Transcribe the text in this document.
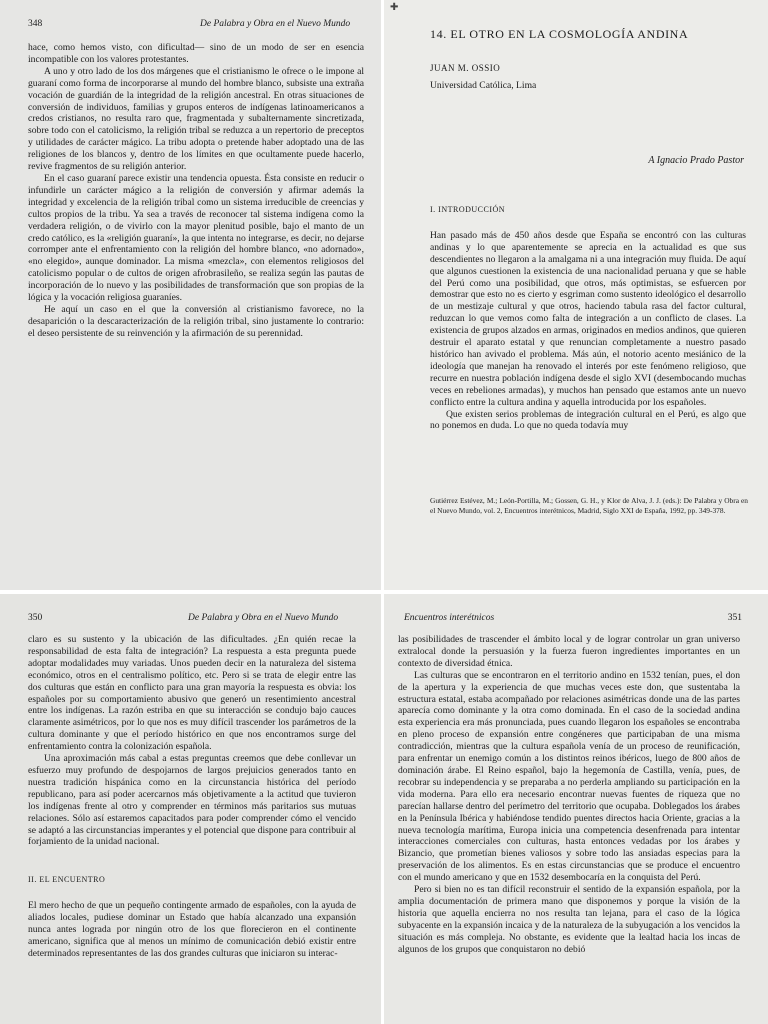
348	De Palabra y Obra en el Nuevo Mundo

hace, como hemos visto, con dificultad— sino de un modo de ser en esencia incompatible con los valores protestantes.

A uno y otro lado de los dos márgenes que el cristianismo le ofrece o le impone al guaraní como forma de incorporarse al mundo del hombre blanco, subsiste una extraña vocación de guardián de la integridad de la religión ancestral. En otras situaciones de conversión de individuos, familias y grupos enteros de indígenas latinoamericanos a credos cristianos, no resulta raro que, fragmentada y subalternamente sincretizada, sobre todo con el catolicismo, la religión tribal se reduzca a un repertorio de preceptos y utilidades de carácter mágico. La tribu adopta o pretende haber adoptado una de las religiones de los blancos y, dentro de los límites en que ocultamente puede hacerlo, revive fragmentos de su religión anterior.

En el caso guaraní parece existir una tendencia opuesta. Ésta consiste en reducir o infundirle un carácter mágico a la religión de conversión y afirmar además la integridad y excelencia de la religión tribal como un sistema irreducible de creencias y cultos propios de la tribu. Ya sea a través de reconocer tal sistema indígena como la verdadera religión, o de vivirlo con la mayor plenitud posible, bajo el manto de un credo católico, es la «religión guaraní», la que intenta no integrarse, es decir, no dejarse corromper ante el enfrentamiento con la religión del hombre blanco, «no adornado», «no elegido», aunque dominador. La misma «mezcla», con elementos religiosos del catolicismo popular o de cultos de origen afrobrasileño, se realiza según las pautas de incorporación de lo nuevo y las posibilidades de transformación que son propias de la lógica y la vocación religiosa guaraníes.

He aquí un caso en el que la conversión al cristianismo favorece, no la desaparición o la descaracterización de la religión tribal, sino justamente lo contrario: el deseo persistente de su reinvención y la afirmación de su perennidad.

✚
14. EL OTRO EN LA COSMOLOGÍA ANDINA
JUAN M. OSSIO
Universidad Católica, Lima
A Ignacio Prado Pastor

I. INTRODUCCIÓN

Han pasado más de 450 años desde que España se encontró con las culturas andinas y lo que aparentemente se aprecia en la actualidad es que sus descendientes no llegaron a la amalgama ni a una integración muy fluida. De aquí que algunos cuestionen la existencia de una nacionalidad peruana y que se hable del Perú como una posibilidad, que otros, más optimistas, se esfuercen por demostrar que esto no es cierto y esgriman como sustento ideológico el desarrollo de un mestizaje cultural y que otros, haciendo tabula rasa del factor cultural, reduzcan lo que vemos como falta de integración a un conflicto de clases. La existencia de grupos alzados en armas, originados en medios andinos, que quieren destruir el aparato estatal y que renuncian completamente a nuestro pasado histórico han avivado el problema. Más aún, el notorio acento mesiánico de la ideología que manejan ha renovado el interés por este fenómeno religioso, que recurre en nuestra población indígena desde el siglo XVI (desembocando muchas veces en rebeliones armadas), y muchos han pensado que estamos ante un nuevo conflicto entre la cultura andina y aquella introducida por los españoles.

Que existen serios problemas de integración cultural en el Perú, es algo que no ponemos en duda. Lo que no queda todavía muy

Gutiérrez Estévez, M.; León-Portilla, M.; Gossen, G. H., y Klor de Alva, J. J. (eds.): De Palabra y Obra en el Nuevo Mundo, vol. 2, Encuentros interétnicos, Madrid, Siglo XXI de España, 1992, pp. 349-378.
350	De Palabra y Obra en el Nuevo Mundo

claro es su sustento y la ubicación de las dificultades. ¿En quién recae la responsabilidad de esta falta de integración? La respuesta a esta pregunta puede adoptar modalidades muy variadas. Unos pueden decir en la naturaleza del sistema económico, otros en el centralismo político, etc. Pero si se trata de elegir entre las dos culturas que están en conflicto para una gran mayoría la respuesta es obvia: los españoles por su comportamiento abusivo que generó un resentimiento ancestral entre los indígenas. La razón estriba en que su interacción se condujo bajo cauces claramente asimétricos, por lo que nos es muy difícil trascender los parámetros de la cultura dominante y que el período histórico en que nos encontramos surge del enfrentamiento contra la colonización española.

Una aproximación más cabal a estas preguntas creemos que debe conllevar un esfuerzo muy profundo de despojarnos de largos prejuicios generados tanto en nuestra tradición hispánica como en la circunstancia histórica del período republicano, para así poder acercarnos más objetivamente a la actitud que tuvieron los indígenas frente al otro y comprender en términos más paritarios sus mutuas relaciones. Sólo así estaremos capacitados para poder comprender cómo el vencido se adaptó a las circunstancias imperantes y el potencial que dispone para contribuir al forjamiento de la unidad nacional.

II. EL ENCUENTRO

El mero hecho de que un pequeño contingente armado de españoles, con la ayuda de aliados locales, pudiese dominar un Estado que había alcanzado una expansión nunca antes lograda por ningún otro de los que florecieron en el continente americano, significa que al menos un mínimo de comunicación debió existir entre determinados representantes de las dos grandes culturas que iniciaron su interac-

Encuentros interétnicos	351

las posibilidades de trascender el ámbito local y de lograr controlar un gran universo extralocal donde la persuasión y la fuerza fueron ingredientes importantes en un contexto de diversidad étnica.

Las culturas que se encontraron en el territorio andino en 1532 tenían, pues, el don de la apertura y la experiencia de que muchas veces este don, que sustentaba la estructura estatal, estaba acompañado por relaciones asimétricas donde una de las partes aparecía como dominante y la otra como dominada. En el caso de la sociedad andina esta experiencia era más pronunciada, pues cuando llegaron los españoles se encontraba en pleno proceso de expansión entre congéneres que participaban de una misma contradicción, mientras que la cultura española venía de un proceso de reunificación, para enfrentar un enemigo común a los distintos reinos ibéricos, luego de 800 años de dominación árabe. El Reino español, bajo la hegemonía de Castilla, venía, pues, de recobrar su independencia y se preparaba a no perderla ampliando su participación en la vida moderna. Para ello era necesario encontrar nuevas fuentes de riqueza que no parecían hallarse dentro del perímetro del territorio que ocupaba. Doblegados los árabes en la Península Ibérica y habiéndose tendido puentes directos hacia Oriente, gracias a la nueva tecnología marítima, Europa inicia una competencia desenfrenada para intentar interacciones comerciales con culturas, hasta entonces vedadas por los árabes y Bizancio, que prometían bienes valiosos y sobre todo las ansiadas especias para la preservación de los alimentos. Es en estas circunstancias que se produce el encuentro con el mundo americano y que en 1532 desembocaría en la conquista del Perú.

Pero si bien no es tan difícil reconstruir el sentido de la expansión española, por la amplia documentación de primera mano que disponemos y porque la visión de la historia que aquella encierra no nos resulta tan lejana, para el caso de la lógica subyacente en la expansión incaica y de la naturaleza de la subyugación a los vencidos la situación es más compleja. No obstante, es evidente que la lealtad hacia los incas de algunos de los grupos que conquistaron no debió
